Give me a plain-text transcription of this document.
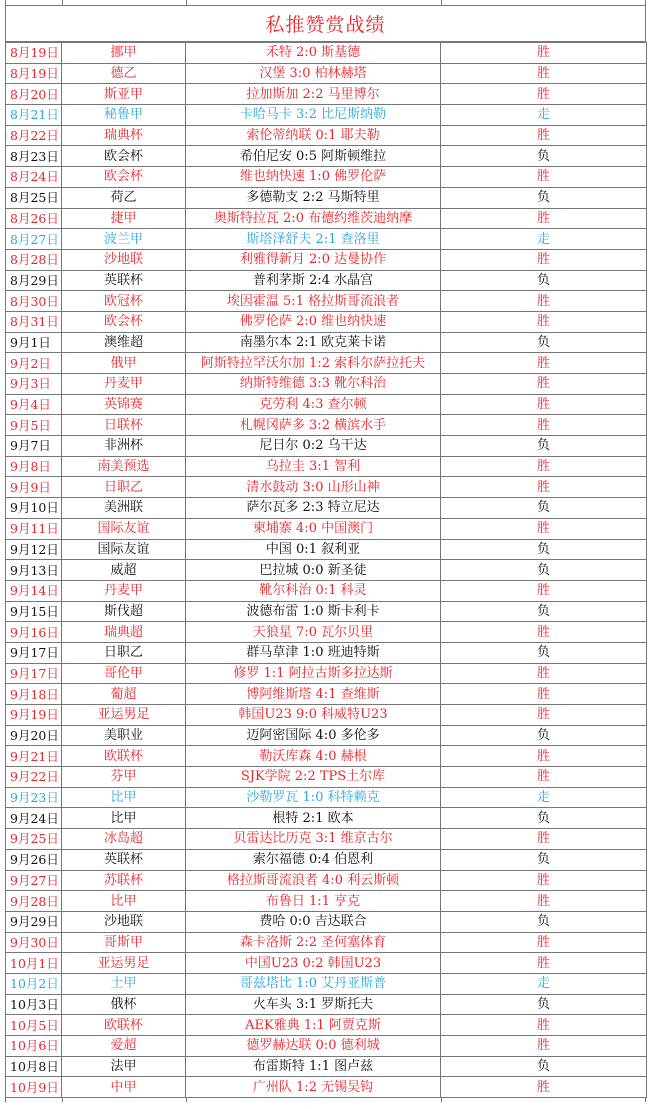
私推赞赏战绩
8月19日	挪甲	禾特 2:0 斯基德	胜
8月19日	德乙	汉堡 3:0 柏林赫塔	胜
8月20日	斯亚甲	拉加斯加 2:2 马里博尔	胜
8月21日	秘鲁甲	卡哈马卡 3:2 比尼斯纳勒	走
8月22日	瑞典杯	索伦蒂纳联 0:1 耶夫勒	胜
8月23日	欧会杯	希伯尼安 0:5 阿斯顿维拉	负
8月24日	欧会杯	维也纳快速 1:0 佛罗伦萨	胜
8月25日	荷乙	多德勒支 2:2 马斯特里	负
8月26日	捷甲	奥斯特拉瓦 2:0 布德约维茨迪纳摩	胜
8月27日	波兰甲	斯塔泽舒夫 2:1 查洛里	走
8月28日	沙地联	利雅得新月 2:0 达曼协作	胜
8月29日	英联杯	普利茅斯 2:4 水晶宫	负
8月30日	欧冠杯	埃因霍温 5:1 格拉斯哥流浪者	胜
8月31日	欧会杯	佛罗伦萨 2:0 维也纳快速	胜
9月1日	澳维超	南墨尔本 2:1 欧克莱卡诺	负
9月2日	俄甲	阿斯特拉罕沃尔加 1:2 索科尔萨拉托夫	胜
9月3日	丹麦甲	纳斯特维德 3:3 靴尔科治	胜
9月4日	英锦赛	克劳利 4:3 查尔顿	胜
9月5日	日联杯	札幌冈萨多 3:2 横滨水手	胜
9月7日	非洲杯	尼日尔 0:2 乌干达	负
9月8日	南美预选	乌拉圭 3:1 智利	胜
9月9日	日职乙	清水鼓动 3:0 山形山神	胜
9月10日	美洲联	萨尔瓦多 2:3 特立尼达	负
9月11日	国际友谊	柬埔寨 4:0 中国澳门	胜
9月12日	国际友谊	中国 0:1 叙利亚	负
9月13日	威超	巴拉城 0:0 新圣徒	负
9月14日	丹麦甲	靴尔科治 0:1 科灵	胜
9月15日	斯伐超	波德布雷 1:0 斯卡利卡	负
9月16日	瑞典超	天狼星 7:0 瓦尔贝里	胜
9月17日	日职乙	群马草津 1:0 班迪特斯	负
9月17日	哥伦甲	修罗 1:1 阿拉古斯多拉达斯	胜
9月18日	葡超	博阿维斯塔 4:1 查维斯	胜
9月19日	亚运男足	韩国U23 9:0 科威特U23	胜
9月20日	美职业	迈阿密国际 4:0 多伦多	负
9月21日	欧联杯	勒沃库森 4:0 赫根	胜
9月22日	芬甲	SJK学院 2:2 TPS土尔库	胜
9月23日	比甲	沙勒罗瓦 1:0 科特赖克	走
9月24日	比甲	根特 2:1 欧本	负
9月25日	冰岛超	贝雷达比历克 3:1 维京古尔	胜
9月26日	英联杯	索尔福德 0:4 伯恩利	负
9月27日	苏联杯	格拉斯哥流浪者 4:0 利云斯顿	胜
9月28日	比甲	布鲁日 1:1 亨克	胜
9月29日	沙地联	费哈 0:0 吉达联合	负
9月30日	哥斯甲	森卡洛斯 2:2 圣何塞体育	胜
10月1日	亚运男足	中国U23 0:2 韩国U23	胜
10月2日	土甲	哥兹塔比 1:0 艾丹亚斯普	走
10月3日	俄杯	火车头 3:1 罗斯托夫	负
10月5日	欧联杯	AEK雅典 1:1 阿贾克斯	胜
10月6日	爱超	德罗赫达联 0:0 德利城	胜
10月8日	法甲	布雷斯特 1:1 图卢兹	负
10月9日	中甲	广州队 1:2 无锡吴钩	胜
